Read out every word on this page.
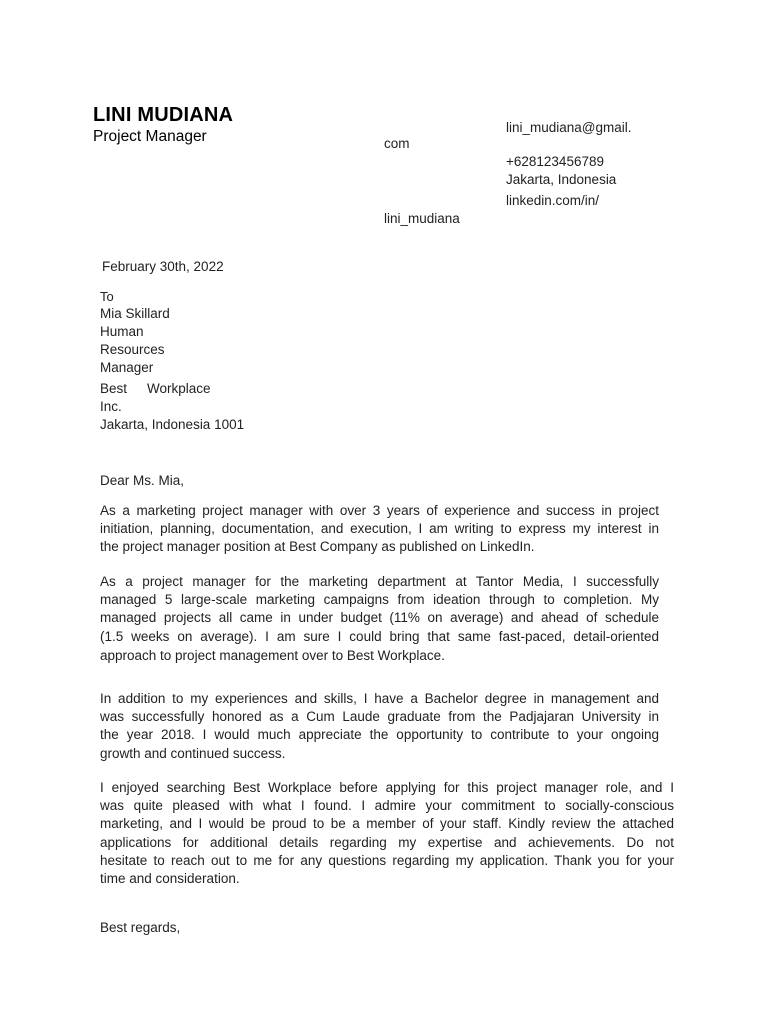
LINI MUDIANA
Project Manager
lini_mudiana@gmail.
com
+628123456789
Jakarta, Indonesia
linkedin.com/in/
lini_mudiana
February 30th, 2022
To
Mia Skillard
Human
Resources
Manager
Best Workplace
Inc.
Jakarta, Indonesia 1001
Dear Ms. Mia,
As a marketing project manager with over 3 years of experience and success in project
initiation, planning, documentation, and execution, I am writing to express my interest in
the project manager position at Best Company as published on LinkedIn.
As a project manager for the marketing department at Tantor Media, I successfully
managed 5 large-scale marketing campaigns from ideation through to completion. My
managed projects all came in under budget (11% on average) and ahead of schedule
(1.5 weeks on average). I am sure I could bring that same fast-paced, detail-oriented
approach to project management over to Best Workplace.
In addition to my experiences and skills, I have a Bachelor degree in management and
was successfully honored as a Cum Laude graduate from the Padjajaran University in
the year 2018. I would much appreciate the opportunity to contribute to your ongoing
growth and continued success.
I enjoyed searching Best Workplace before applying for this project manager role, and I
was quite pleased with what I found. I admire your commitment to socially-conscious
marketing, and I would be proud to be a member of your staff. Kindly review the attached
applications for additional details regarding my expertise and achievements. Do not
hesitate to reach out to me for any questions regarding my application. Thank you for your
time and consideration.
Best regards,
